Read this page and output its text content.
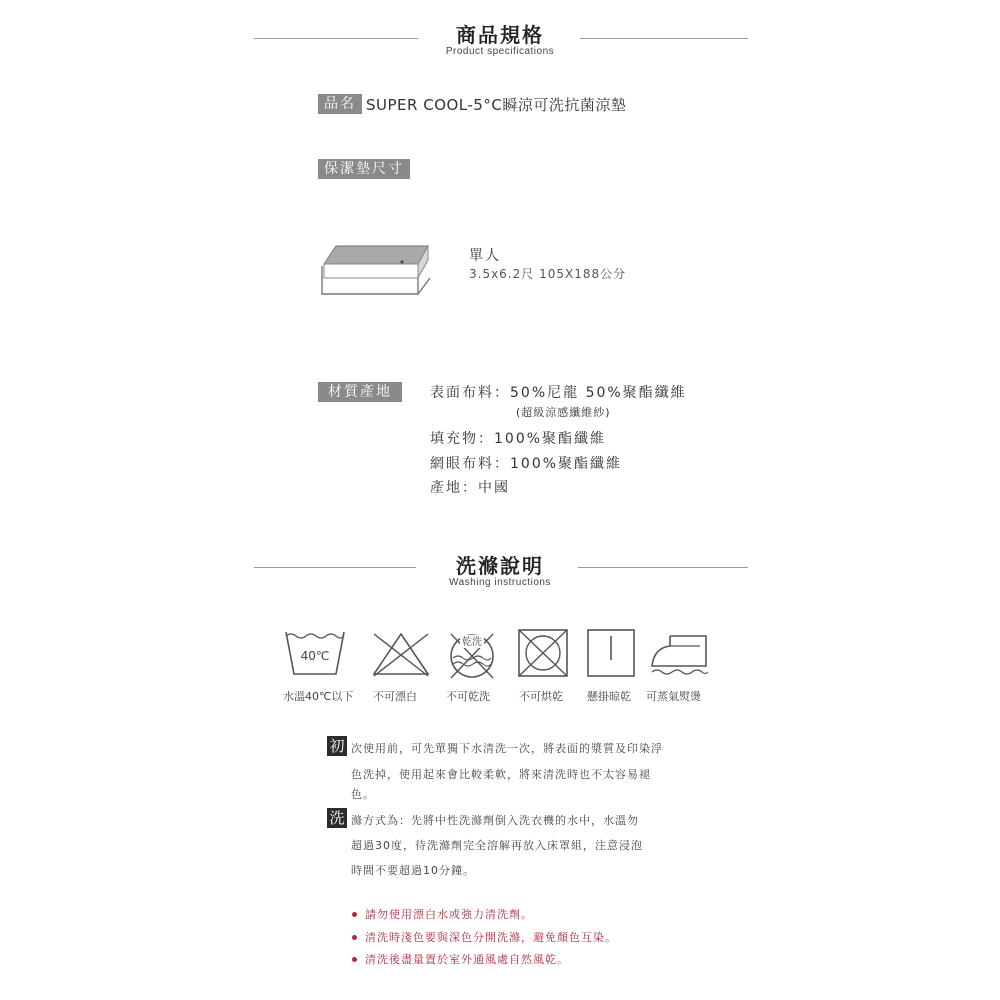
商品規格
Product specifications
品名 SUPER COOL-5°C瞬涼可洗抗菌涼墊
保潔墊尺寸
單人
3.5x6.2尺 105X188公分
材質產地	表面布料：50%尼龍 50%聚酯纖維
(超級涼感纖維紗)
填充物：100%聚酯纖維
網眼布料：100%聚酯纖維
產地：中國
洗滌說明
Washing instructions
40℃
水溫40℃以下 不可漂白
乾洗
不可乾洗	不可烘乾 懸掛晾乾 可蒸氣熨燙
初 次使用前，可先單獨下水清洗一次，將表面的漿質及印染浮
色洗掉，使用起來會比較柔軟，將來清洗時也不太容易褪
色。
洗 滌方式為：先將中性洗滌劑倒入洗衣機的水中，水溫勿
超過30度，待洗滌劑完全溶解再放入床罩組，注意浸泡
時間不要超過10分鐘。
請勿使用漂白水或強力清洗劑。
清洗時淺色要與深色分開洗滌，避免顏色互染。
清洗後盡量置於室外通風處自然風乾。
